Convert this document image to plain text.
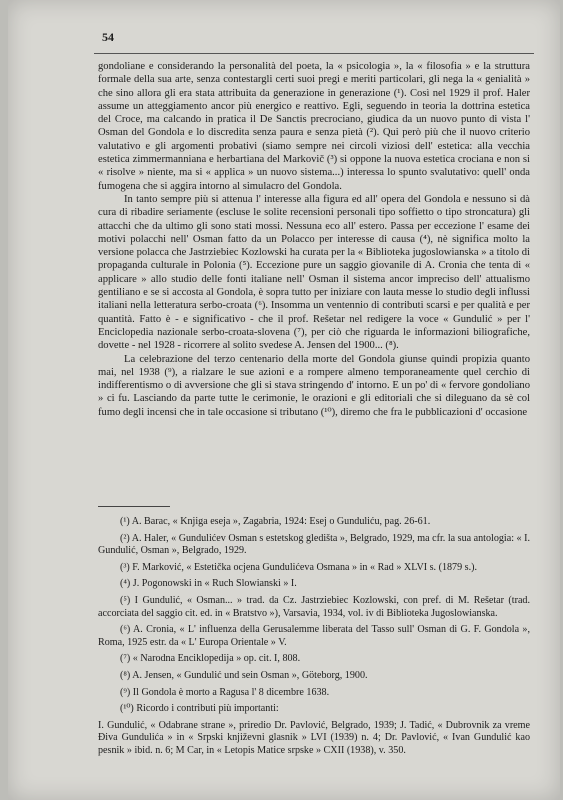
54

gondoliane e considerando la personalità del poeta, la « psicologia », la « filosofia » e la struttura formale della sua arte, senza contestargli certi suoi pregi e meriti particolari, gli nega la « genialità » che sino allora gli era stata attribuita da generazione in generazione (¹). Così nel 1929 il prof. Haler assume un atteggiamento ancor più energico e reattivo. Egli, seguendo in teoria la dottrina estetica del Croce, ma calcando in pratica il De Sanctis precrociano, giudica da un nuovo punto di vista l' Osman del Gondola e lo discredita senza paura e senza pietà (²). Qui però più che il nuovo criterio valutativo e gli argomenti probativi (siamo sempre nei circoli viziosi dell' estetica: alla vecchia estetica zimmermanniana e herbartiana del Markovič (³) si oppone la nuova estetica crociana e non si « risolve » niente, ma si « applica » un nuovo sistema...) interessa lo spunto svalutativo: quell' onda fumogena che si aggira intorno al simulacro del Gondola.

In tanto sempre più si attenua l' interesse alla figura ed all' opera del Gondola e nessuno si dà cura di ribadire seriamente (escluse le solite recensioni personali tipo soffietto o tipo stroncatura) gli attacchi che da ultimo gli sono stati mossi. Nessuna eco all' estero. Passa per eccezione l' esame dei motivi polacchi nell' Osman fatto da un Polacco per interesse di causa (⁴), nè significa molto la versione polacca che Jastrziebiec Kozlowski ha curata per la « Biblioteka jugoslowianska » a titolo di propaganda culturale in Polonia (⁵). Eccezione pure un saggio giovanile di A. Cronia che tenta di « applicare » allo studio delle fonti italiane nell' Osman il sistema ancor impreciso dell' attualismo gentiliano e se si accosta al Gondola, è sopra tutto per iniziare con lauta messe lo studio degli influssi italiani nella letteratura serbo-croata (⁶). Insomma un ventennio di contributi scarsi e per qualità e per quantità. Fatto è - e significativo - che il prof. Rešetar nel redigere la voce « Gundulić » per l' Enciclopedia nazionale serbo-croata-slovena (⁷), per ciò che riguarda le informazioni biliografiche, dovette - nel 1928 - ricorrere al solito svedese A. Jensen del 1900... (⁸).

La celebrazione del terzo centenario della morte del Gondola giunse quindi propizia quanto mai, nel 1938 (⁹), a rialzare le sue azioni e a rompere almeno temporaneamente quel cerchio di indifferentismo o di avversione che gli si stava stringendo d' intorno. E un po' di « fervore gondoliano » ci fu. Lasciando da parte tutte le cerimonie, le orazioni e gli editoriali che si dileguano da sè col fumo degli incensi che in tale occasione si tributano (¹⁰), diremo che fra le pubblicazioni d' occasione

(¹) A. Barac, « Knjiga eseja », Zagabria, 1924: Esej o Gunduliću, pag. 26-61.

(²) A. Haler, « Gundulićev Osman s estetskog gledišta », Belgrado, 1929, ma cfr. la sua antologia: « I. Gundulić, Osman », Belgrado, 1929.

(³) F. Marković, « Estetička ocjena Gundulićeva Osmana » in « Rad » XLVI s. (1879 s.).

(⁴) J. Pogonowski in « Ruch Slowianski » I.

(⁵) I Gundulić, « Osman... » trad. da Cz. Jastrziebiec Kozlowski, con pref. di M. Rešetar (trad. accorciata del saggio cit. ed. in « Bratstvo »), Varsavia, 1934, vol. iv di Biblioteka Jugoslowianska.

(⁶) A. Cronia, « L' influenza della Gerusalemme liberata del Tasso sull' Osman di G. F. Gondola », Roma, 1925 estr. da « L' Europa Orientale » V.

(⁷) « Narodna Enciklopedija » op. cit. I, 808.

(⁸) A. Jensen, « Gundulić und sein Osman », Göteborg, 1900.

(⁹) Il Gondola è morto a Ragusa l' 8 dicembre 1638.

(¹⁰) Ricordo i contributi più importanti:

I. Gundulić, « Odabrane strane », priredio Dr. Pavlović, Belgrado, 1939; J. Tadić, « Dubrovnik za vreme Điva Gundulića » in « Srpski književni glasnik » LVI (1939) n. 4; Dr. Pavlović, « Ivan Gundulić kao pesnik » ibid. n. 6; M Car, in « Letopis Matice srpske » CXII (1938), v. 350.
